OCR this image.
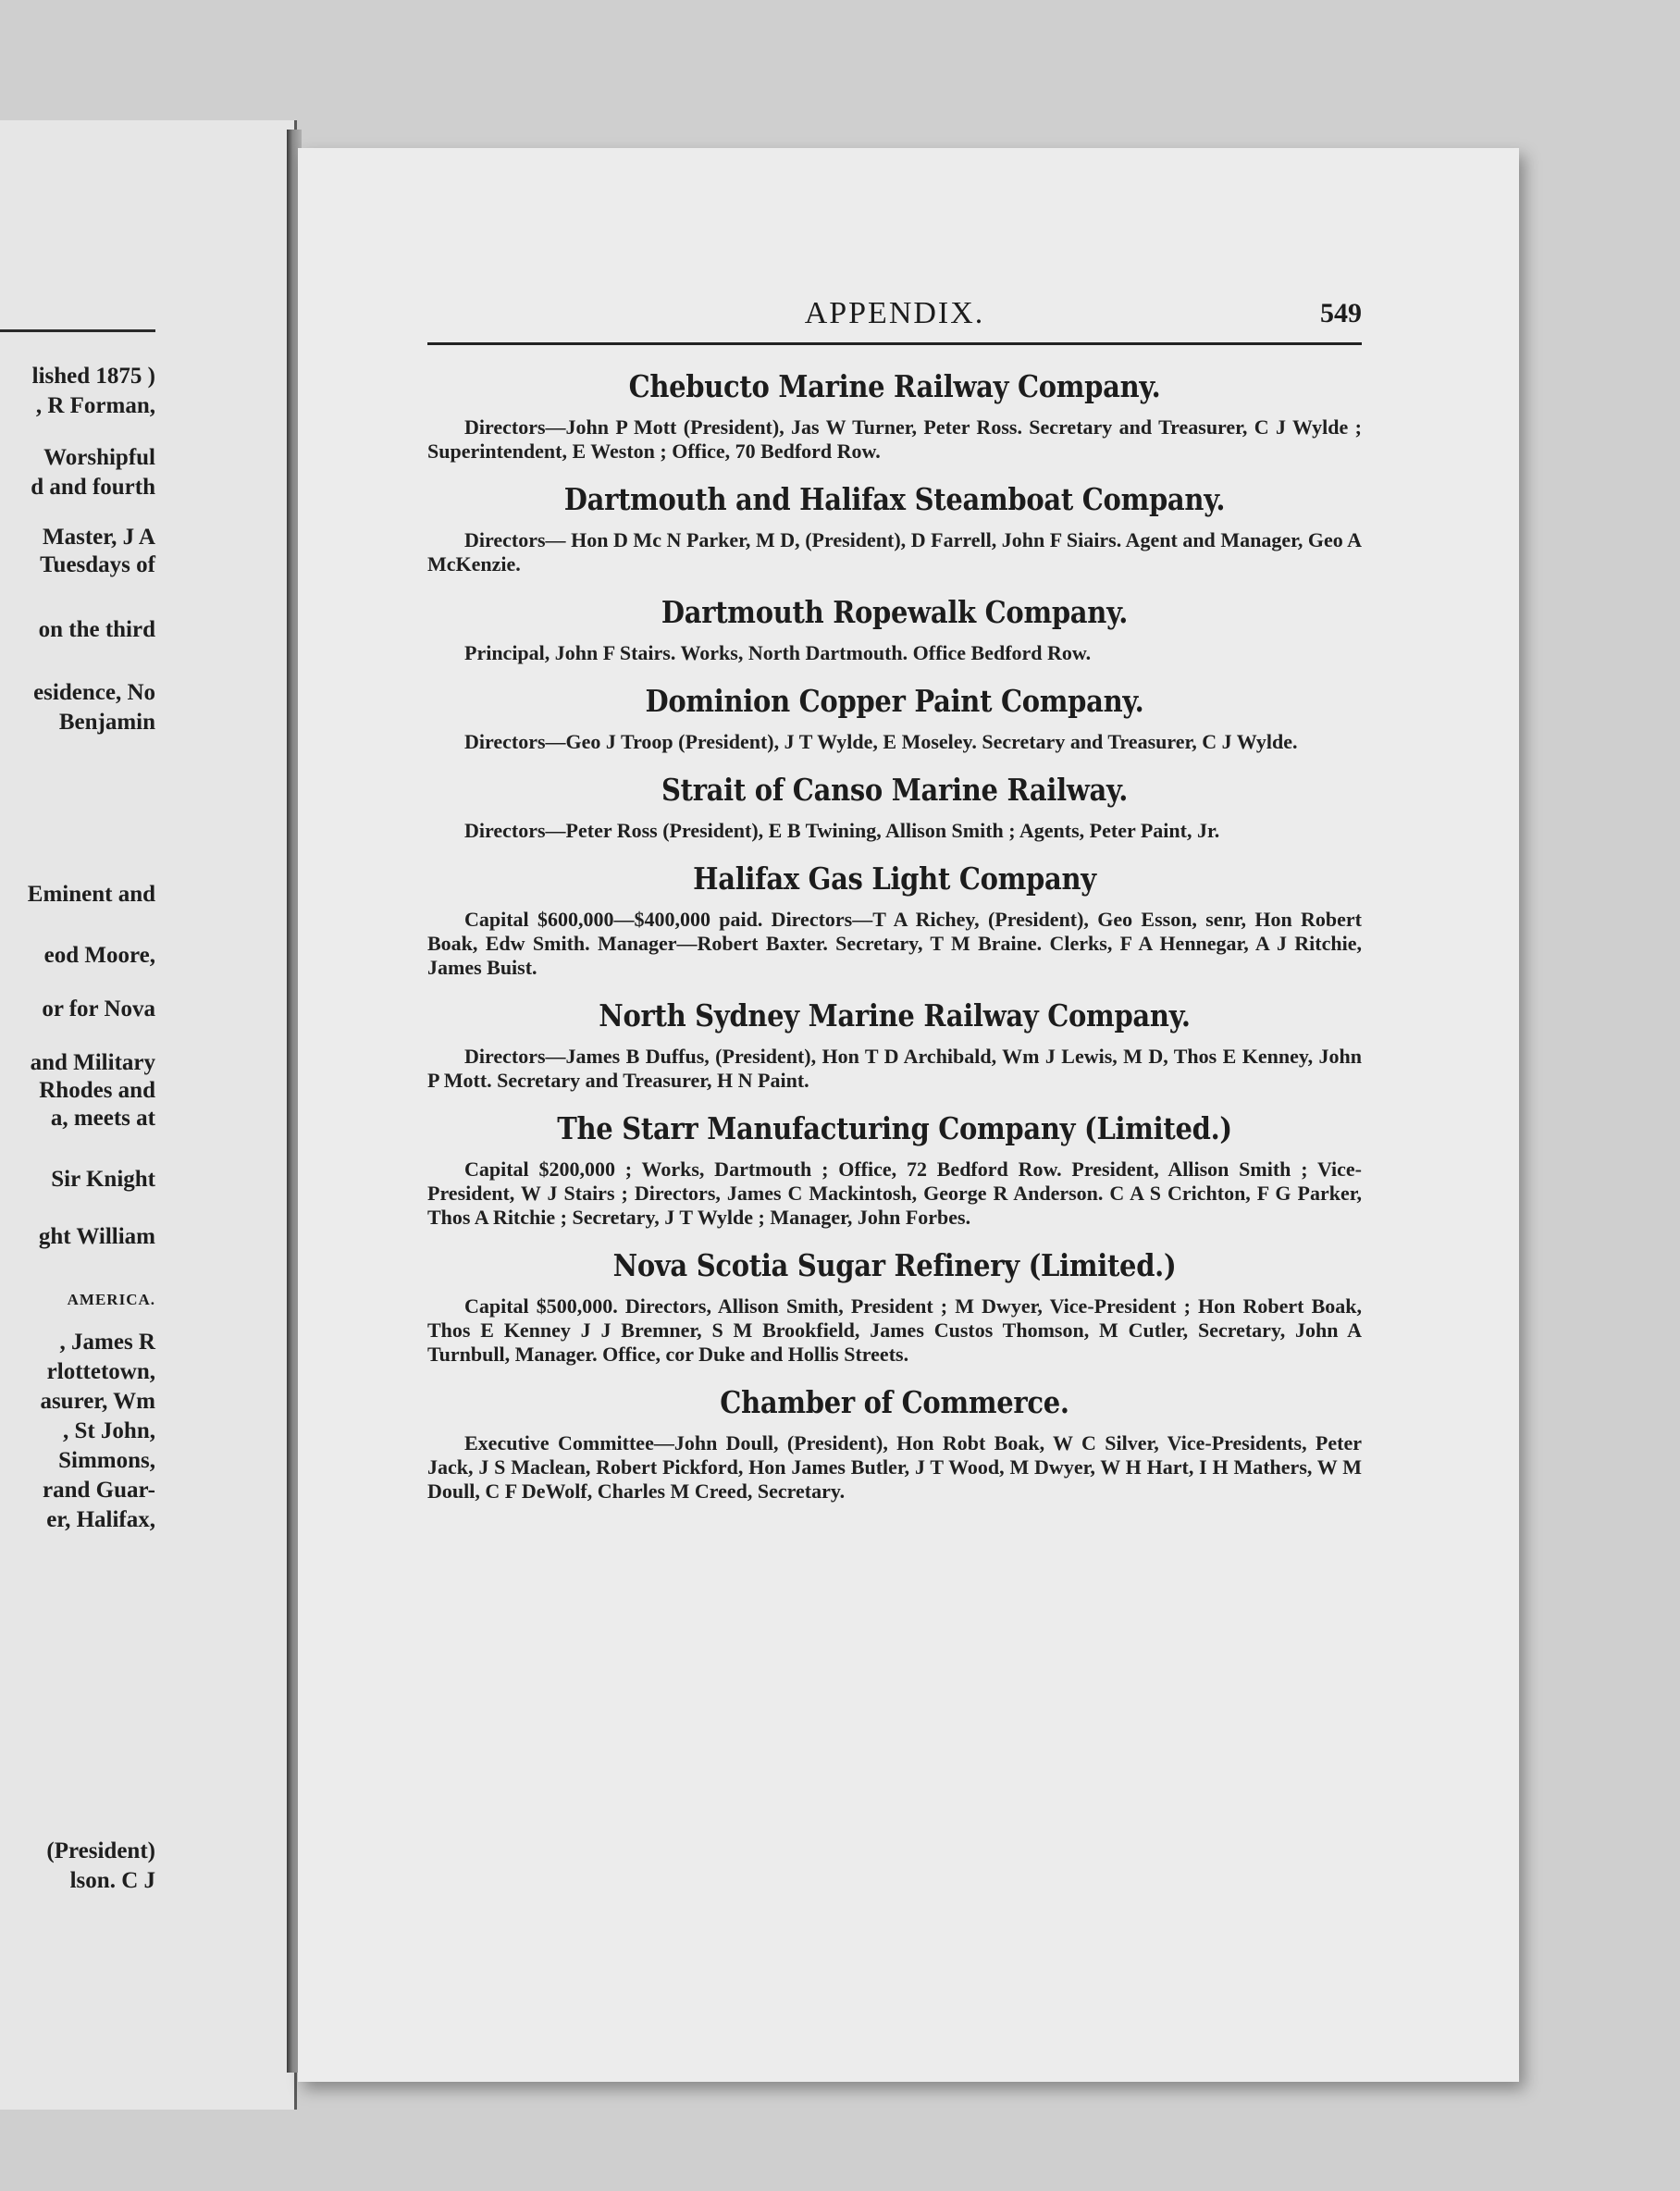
lished 1875 )
, R Forman,
Worshipful
d and fourth
Master, J A
Tuesdays of
on the third
esidence, No
Benjamin
Eminent and
eod Moore,
or for Nova
and Military
Rhodes and
a, meets at
Sir Knight
ght William
AMERICA.
, James R
rlottetown,
asurer, Wm
, St John,
Simmons,
rand Guar-
er, Halifax,
(President)
lson. C J
APPENDIX.	549
Chebucto Marine Railway Company.

Directors—John P Mott (President), Jas W Turner, Peter Ross. Secretary and Treasurer, C J Wylde ; Superintendent, E Weston ; Office, 70 Bedford Row.

Dartmouth and Halifax Steamboat Company.

Directors— Hon D Mc N Parker, M D, (President), D Farrell, John F Siairs. Agent and Manager, Geo A McKenzie.

Dartmouth Ropewalk Company.

Principal, John F Stairs. Works, North Dartmouth. Office Bedford Row.

Dominion Copper Paint Company.

Directors—Geo J Troop (President), J T Wylde, E Moseley. Secretary and Treasurer, C J Wylde.

Strait of Canso Marine Railway.

Directors—Peter Ross (President), E B Twining, Allison Smith ; Agents, Peter Paint, Jr.

Halifax Gas Light Company

Capital $600,000—$400,000 paid. Directors—T A Richey, (President), Geo Esson, senr, Hon Robert Boak, Edw Smith. Manager—Robert Baxter. Secretary, T M Braine. Clerks, F A Hennegar, A J Ritchie, James Buist.

North Sydney Marine Railway Company.

Directors—James B Duffus, (President), Hon T D Archibald, Wm J Lewis, M D, Thos E Kenney, John P Mott. Secretary and Treasurer, H N Paint.

The Starr Manufacturing Company (Limited.)

Capital $200,000 ; Works, Dartmouth ; Office, 72 Bedford Row. President, Allison Smith ; Vice-President, W J Stairs ; Directors, James C Mackintosh, George R Anderson. C A S Crichton, F G Parker, Thos A Ritchie ; Secretary, J T Wylde ; Manager, John Forbes.

Nova Scotia Sugar Refinery (Limited.)

Capital $500,000. Directors, Allison Smith, President ; M Dwyer, Vice-President ; Hon Robert Boak, Thos E Kenney J J Bremner, S M Brookfield, James Custos Thomson, M Cutler, Secretary, John A Turnbull, Manager. Office, cor Duke and Hollis Streets.

Chamber of Commerce.

Executive Committee—John Doull, (President), Hon Robt Boak, W C Silver, Vice-Presidents, Peter Jack, J S Maclean, Robert Pickford, Hon James Butler, J T Wood, M Dwyer, W H Hart, I H Mathers, W M Doull, C F DeWolf, Charles M Creed, Secretary.
